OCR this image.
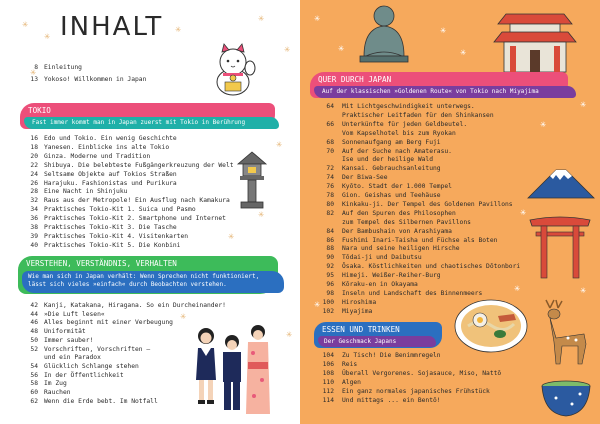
INHALT
8 Einleitung
13 Yokoso! Willkommen in Japan
TOKIO
Fast immer kommt man in Japan zuerst mit Tokio in Berührung
16 Edo und Tokio. Ein wenig Geschichte
18 Yanesen. Einblicke ins alte Tokio
20 Ginza. Moderne und Tradition
22 Shibuya. Die belebteste Fußgängerkreuzung der Welt
24 Seltsame Objekte auf Tokios Straßen
26 Harajuku. Fashionistas und Purikura
28 Eine Nacht in Shinjuku
32 Raus aus der Metropole! Ein Ausflug nach Kamakura
34 Praktisches Tokio-Kit 1. Suica und Pasmo
36 Praktisches Tokio-Kit 2. Smartphone und Internet
38 Praktisches Tokio-Kit 3. Die Tasche
39 Praktisches Tokio-Kit 4. Visitenkarten
40 Praktisches Tokio-Kit 5. Die Konbini
VERSTEHEN, VERSTÄNDNIS, VERHALTEN
Wie man sich in Japan verhält: Wenn Sprechen nicht funktioniert,
lässt sich vieles »einfach« durch Beobachten verstehen.
42 Kanji, Katakana, Hiragana. So ein Durcheinander!
44 »Die Luft lesen«
46 Alles beginnt mit einer Verbeugung
48 Uniformität
50 Immer sauber!
52 Vorschriften, Vorschriften –
und ein Paradox
54 Glücklich Schlange stehen
56 In der Öffentlichkeit
58 Im Zug
60 Rauchen
62 Wenn die Erde bebt. Im Notfall
✳
✳
✳
✳
✳
✳
✳
✳
✳
✳
✳
QUER DURCH JAPAN
Auf der klassischen »Goldenen Route« von Tokio nach Miyajima
64 Mit Lichtgeschwindigkeit unterwegs.
Praktischer Leitfaden für den Shinkansen
66 Unterkünfte für jeden Geldbeutel.
Vom Kapselhotel bis zum Ryokan
68 Sonnenaufgang am Berg Fuji
70 Auf der Suche nach Amaterasu.
Ise und der heilige Wald
72 Kansai. Gebrauchsanleitung
74 Der Biwa-See
76 Kyōto. Stadt der 1.000 Tempel
78 Gion. Geishas und Teehäuse
80 Kinkaku-ji. Der Tempel des Goldenen Pavillons
82 Auf den Spuren des Philosophen
zum Tempel des Silbernen Pavillons
84 Der Bambushain von Arashiyama
86 Fushimi Inari-Taisha und Füchse als Boten
88 Nara und seine heiligen Hirsche
90 Tōdai-ji und Daibutsu
92 Ōsaka. Köstlichkeiten und chaotisches Dōtonbori
95 Himeji. Weißer-Reiher-Burg
96 Kōraku-en in Okayama
98 Inseln und Landschaft des Binnenmeers
100 Hiroshima
102 Miyajima
ESSEN UND TRINKEN
Der Geschmack Japans
104 Zu Tisch! Die Benimmregeln
106 Reis
108 Überall Vergorenes. Sojasauce, Miso, Nattō
110 Algen
112 Ein ganz normales japanisches Frühstück
114 Und mittags ... ein Bentō!
✳
✳
✳
✳
✳
✳
✳
✳
✳
✳
